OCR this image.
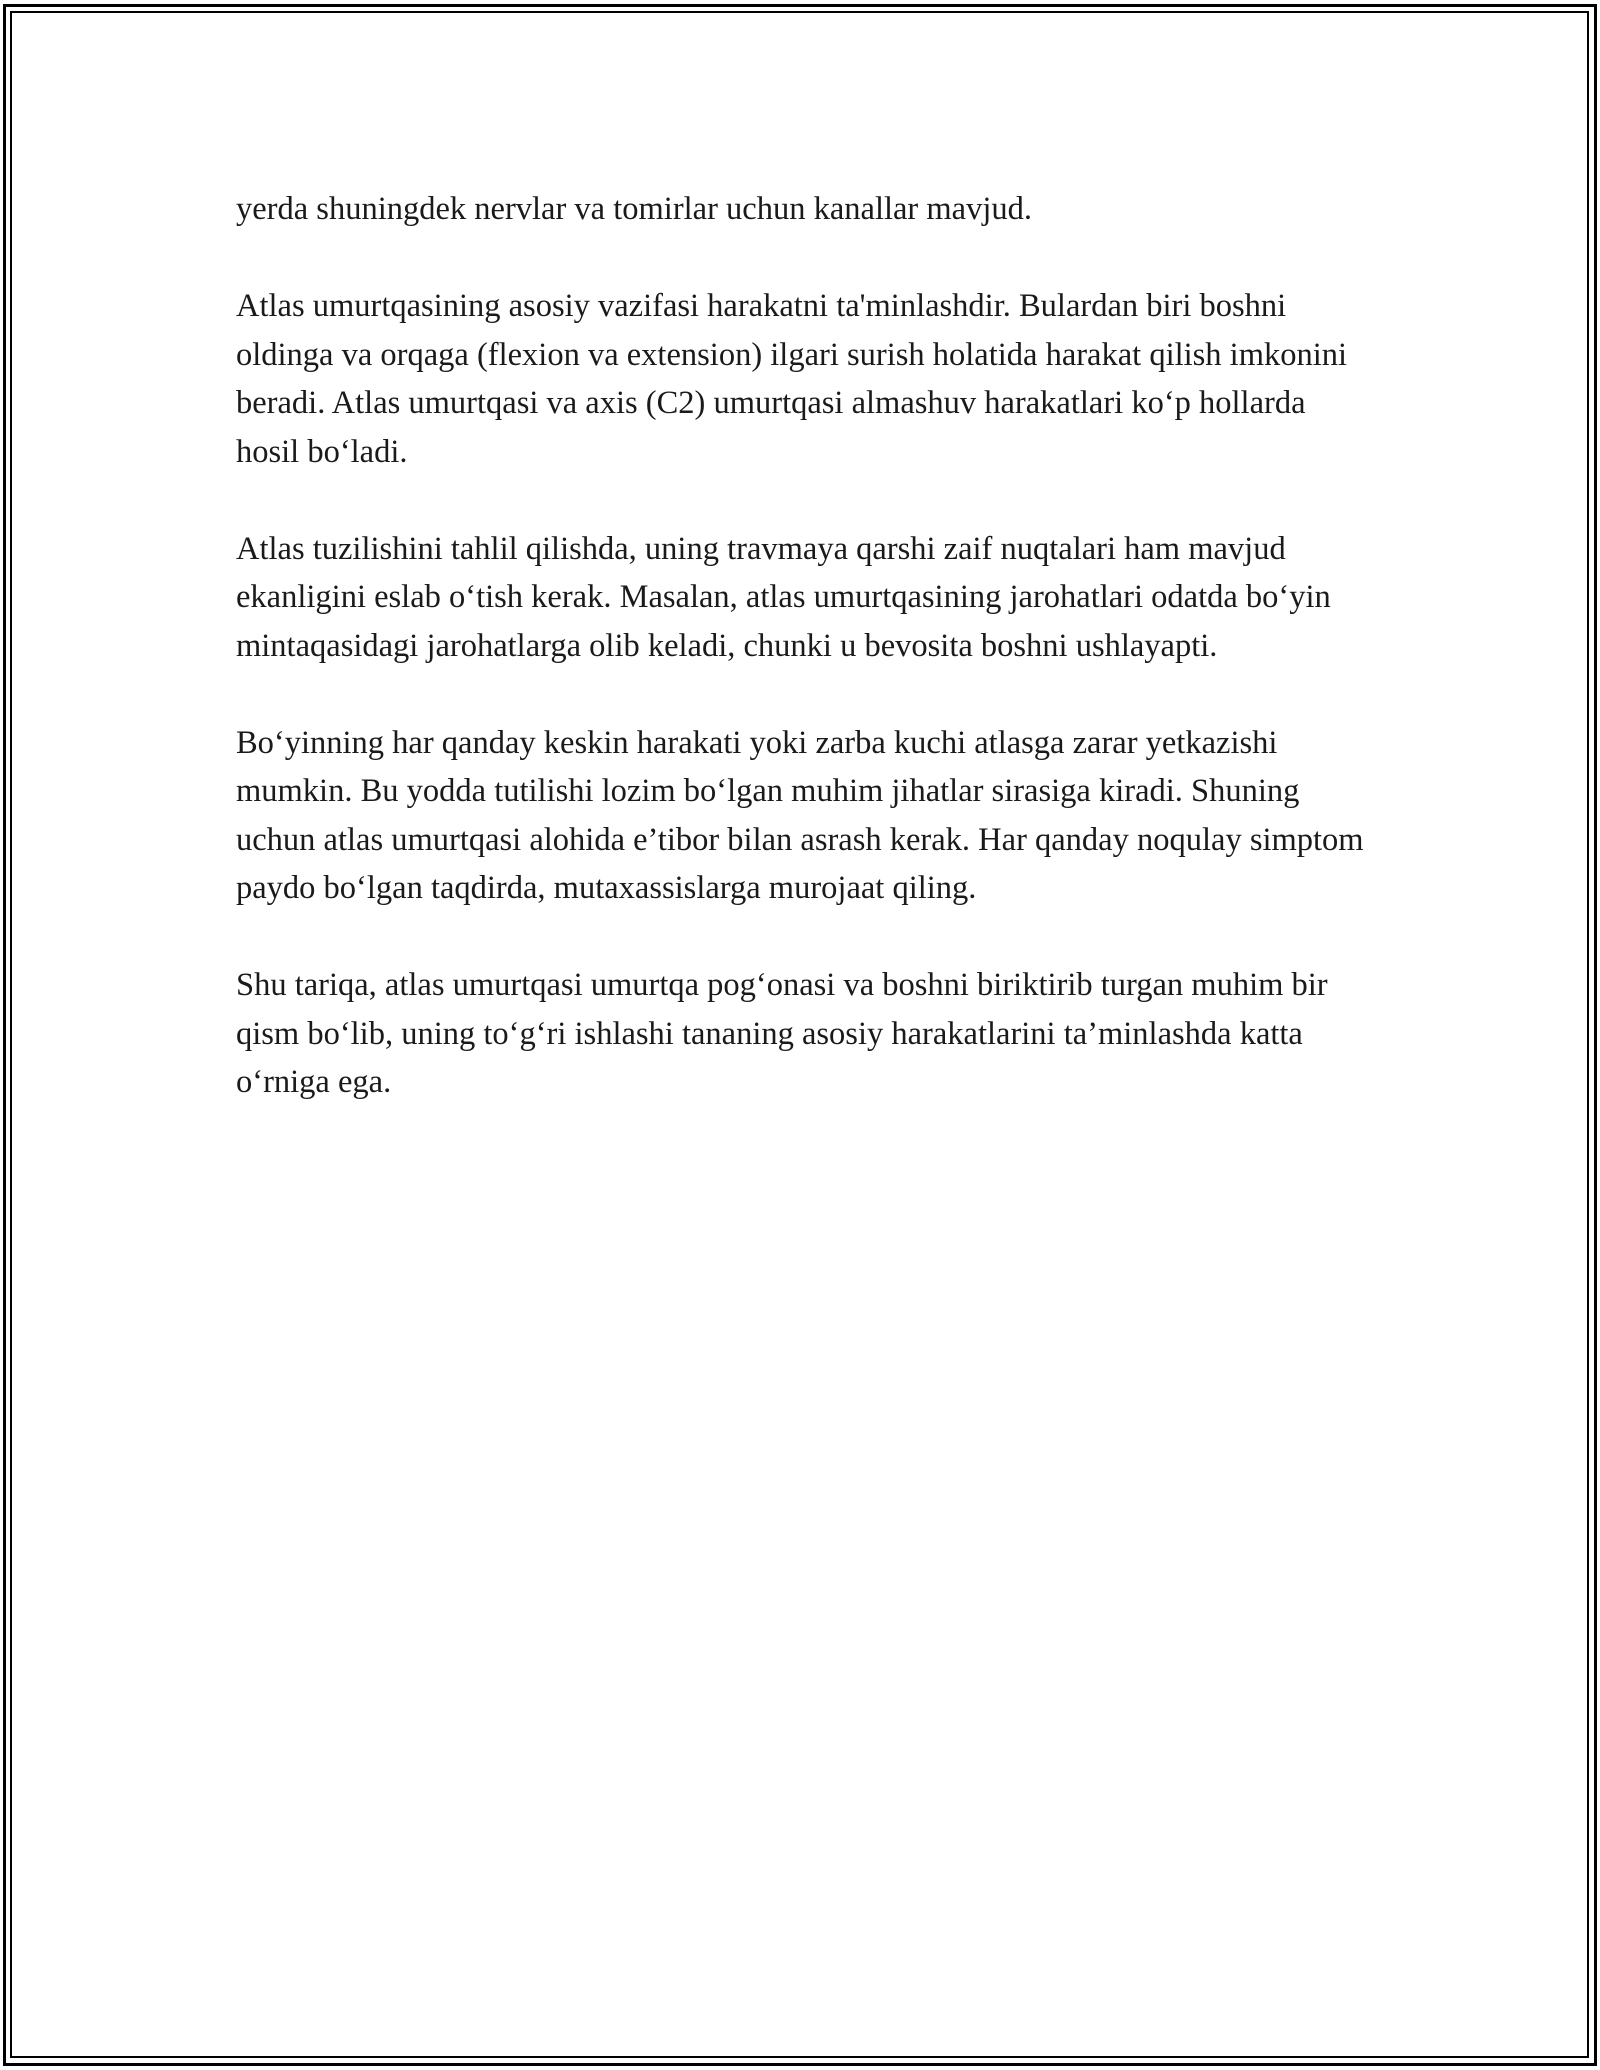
yerda shuningdek nervlar va tomirlar uchun kanallar mavjud.

Atlas umurtqasining asosiy vazifasi harakatni ta'minlashdir. Bulardan biri boshni oldinga va orqaga (flexion va extension) ilgari surish holatida harakat qilish imkonini beradi. Atlas umurtqasi va axis (C2) umurtqasi almashuv harakatlari ko‘p hollarda hosil bo‘ladi.

Atlas tuzilishini tahlil qilishda, uning travmaya qarshi zaif nuqtalari ham mavjud ekanligini eslab o‘tish kerak. Masalan, atlas umurtqasining jarohatlari odatda bo‘yin mintaqasidagi jarohatlarga olib keladi, chunki u bevosita boshni ushlayapti.

Bo‘yinning har qanday keskin harakati yoki zarba kuchi atlasga zarar yetkazishi mumkin. Bu yodda tutilishi lozim bo‘lgan muhim jihatlar sirasiga kiradi. Shuning uchun atlas umurtqasi alohida e’tibor bilan asrash kerak. Har qanday noqulay simptom paydo bo‘lgan taqdirda, mutaxassislarga murojaat qiling.

Shu tariqa, atlas umurtqasi umurtqa pog‘onasi va boshni biriktirib turgan muhim bir qism bo‘lib, uning to‘g‘ri ishlashi tananing asosiy harakatlarini ta’minlashda katta o‘rniga ega.
